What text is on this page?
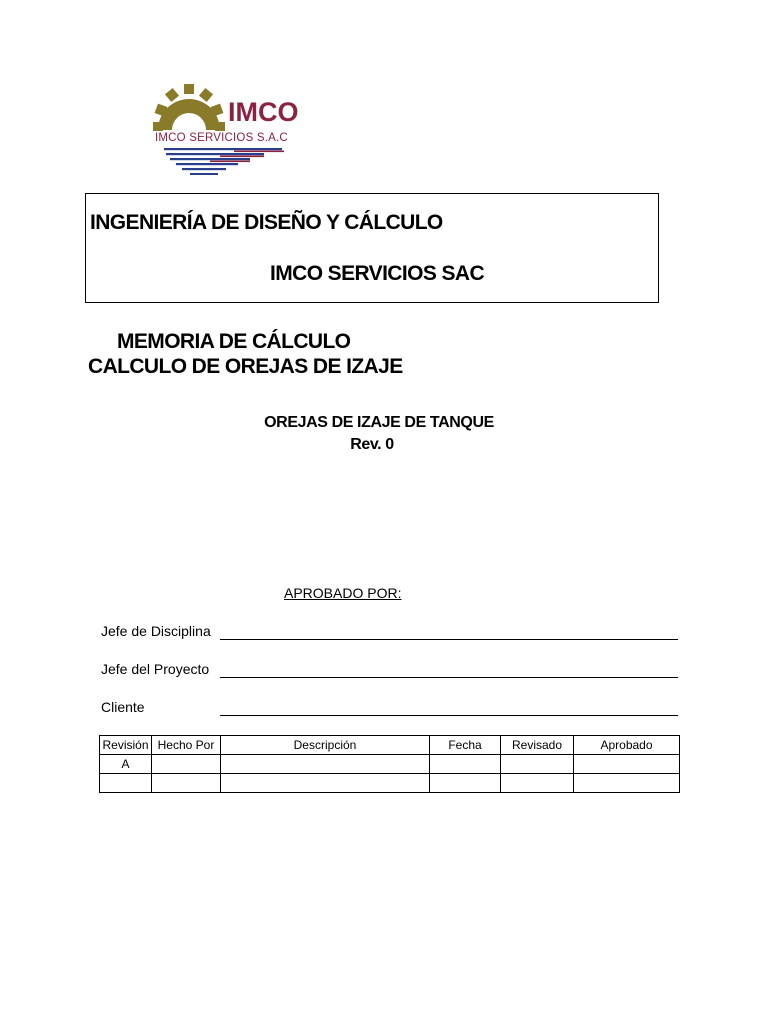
IMCO
IMCO SERVICIOS S.A.C
INGENIERÍA DE DISEÑO Y CÁLCULO
IMCO SERVICIOS SAC
MEMORIA DE CÁLCULO
CALCULO DE OREJAS DE IZAJE
OREJAS DE IZAJE DE TANQUE
Rev. 0
APROBADO POR:
Jefe de Disciplina
Jefe del Proyecto
Cliente
Revisión	Hecho Por	Descripción	Fecha	Revisado	Aprobado
A					
